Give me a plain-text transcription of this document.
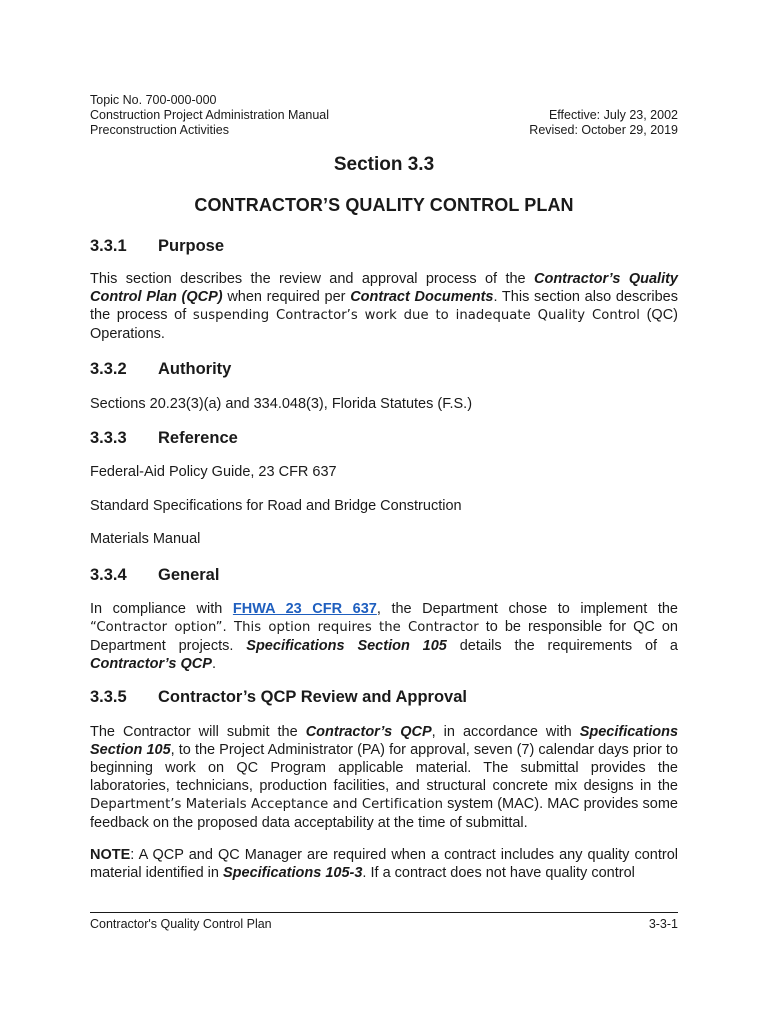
Topic No. 700-000-000
Construction Project Administration Manual	Effective: July 23, 2002
Preconstruction Activities	Revised: October 29, 2019
Section 3.3
CONTRACTOR’S QUALITY CONTROL PLAN
3.3.1 Purpose
This section describes the review and approval process of the Contractor’s Quality Control Plan (QCP) when required per Contract Documents. This section also describes the process of suspending Contractor’s work due to inadequate Quality Control (QC) Operations.
3.3.2 Authority
Sections 20.23(3)(a) and 334.048(3), Florida Statutes (F.S.)
3.3.3 Reference
Federal-Aid Policy Guide, 23 CFR 637
Standard Specifications for Road and Bridge Construction
Materials Manual
3.3.4 General
In compliance with FHWA 23 CFR 637, the Department chose to implement the “Contractor option”. This option requires the Contractor to be responsible for QC on Department projects. Specifications Section 105 details the requirements of a Contractor’s QCP.
3.3.5 Contractor’s QCP Review and Approval
The Contractor will submit the Contractor’s QCP, in accordance with Specifications Section 105, to the Project Administrator (PA) for approval, seven (7) calendar days prior to beginning work on QC Program applicable material. The submittal provides the laboratories, technicians, production facilities, and structural concrete mix designs in the Department’s Materials Acceptance and Certification system (MAC). MAC provides some feedback on the proposed data acceptability at the time of submittal.
NOTE: A QCP and QC Manager are required when a contract includes any quality control material identified in Specifications 105-3. If a contract does not have quality control
Contractor's Quality Control Plan	3-3-1
